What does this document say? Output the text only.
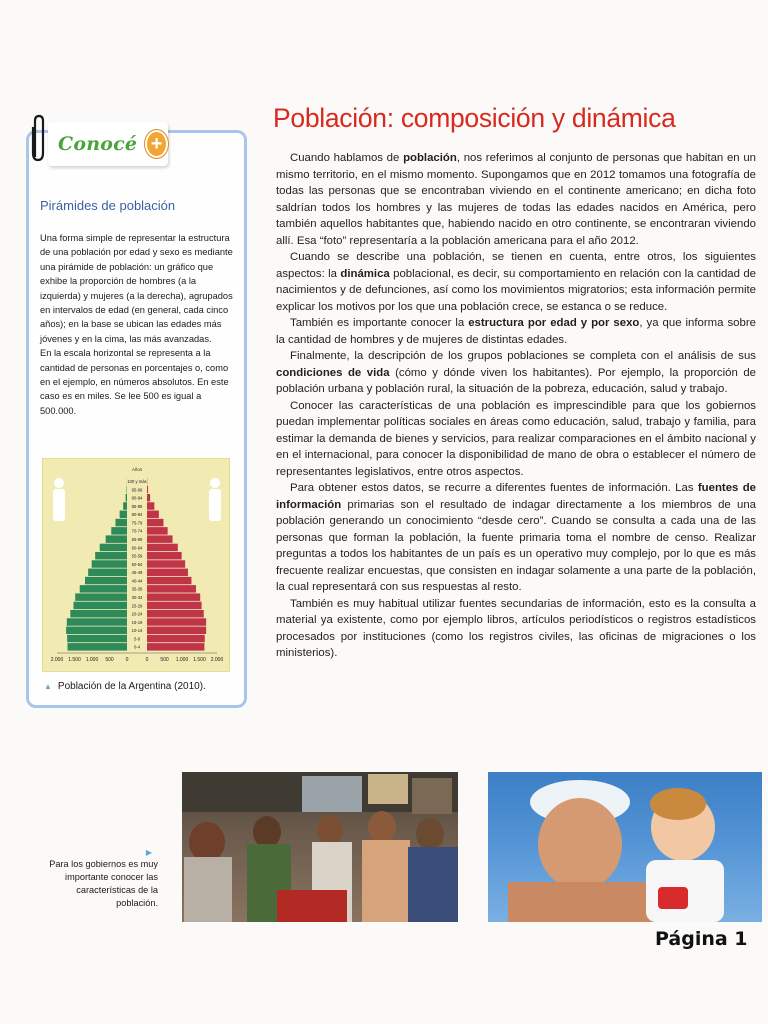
Conocé +
Pirámides de población
Una forma simple de representar la estructura de una población por edad y sexo es mediante una pirámide de población: un gráfico que exhibe la proporción de hombres (a la izquierda) y mujeres (a la derecha), agrupados en intervalos de edad (en general, cada cinco años); en la base se ubican las edades más jóvenes y en la cima, las más avanzadas.
En la escala horizontal se representa a la cantidad de personas en porcentajes o, como en el ejemplo, en números absolutos. En este caso es en miles. Se lee 500 es igual a 500.000.
Años
0-4
5-9
10-14
15-19
20-24
25-29
30-34
35-39
40-44
45-49
50-54
55-59
60-64
65-69
70-74
75-79
80-84
85-89
90-94
95-99
100 y más
2.000 1.500 1.000 500 0	0 500 1.000 1.500 2.000
▲ Población de la Argentina (2010).
Población: composición y dinámica

Cuando hablamos de población, nos referimos al conjunto de personas que habitan en un mismo territorio, en el mismo momento. Supongamos que en 2012 tomamos una fotografía de todas las personas que se encontraban viviendo en el continente americano; en dicha foto saldrían todos los hombres y las mujeres de todas las edades nacidos en América, pero también aquellos habitantes que, habiendo nacido en otro continente, se encontraran viviendo allí. Esa “foto” representaría a la población americana para el año 2012.

Cuando se describe una población, se tienen en cuenta, entre otros, los siguientes aspectos: la dinámica poblacional, es decir, su comportamiento en relación con la cantidad de nacimientos y de defunciones, así como los movimientos migratorios; esta información permite explicar los motivos por los que una población crece, se estanca o se reduce.

También es importante conocer la estructura por edad y por sexo, ya que informa sobre la cantidad de hombres y de mujeres de distintas edades.

Finalmente, la descripción de los grupos poblaciones se completa con el análisis de sus condiciones de vida (cómo y dónde viven los habitantes). Por ejemplo, la proporción de población urbana y población rural, la situación de la pobreza, educación, salud y trabajo.

Conocer las características de una población es imprescindible para que los gobiernos puedan implementar políticas sociales en áreas como educación, salud, trabajo y familia, para estimar la demanda de bienes y servicios, para realizar comparaciones en el ámbito nacional y en el internacional, para conocer la disponibilidad de mano de obra o establecer el número de representantes legislativos, entre otros aspectos.

Para obtener estos datos, se recurre a diferentes fuentes de información. Las fuentes de información primarias son el resultado de indagar directamente a los miembros de una población generando un conocimiento “desde cero”. Cuando se consulta a cada una de las personas que forman la población, la fuente primaria toma el nombre de censo. Realizar preguntas a todos los habitantes de un país es un operativo muy complejo, por lo que es más frecuente realizar encuestas, que consisten en indagar solamente a una parte de la población, la cual representará con sus respuestas al resto.

También es muy habitual utilizar fuentes secundarias de información, esto es la consulta a material ya existente, como por ejemplo libros, artículos periodísticos o registros estadísticos procesados por instituciones (como los registros civiles, las oficinas de migraciones o los ministerios).

▶
Para los gobiernos es muy importante conocer las características de la población.
Página 1
